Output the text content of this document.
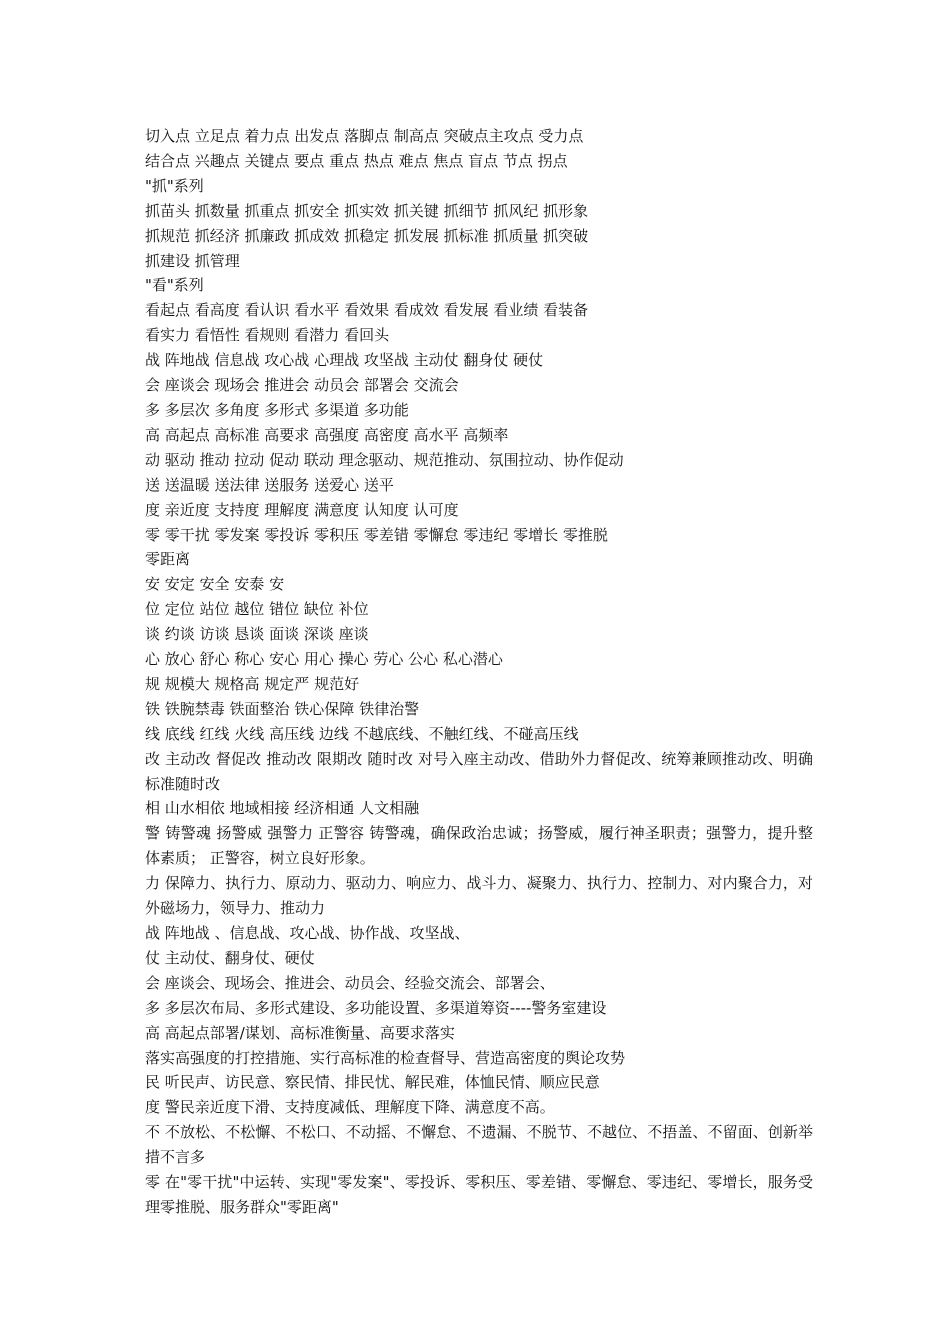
切入点 立足点 着力点 出发点 落脚点 制高点 突破点主攻点 受力点
结合点 兴趣点 关键点 要点 重点 热点 难点 焦点 盲点 节点 拐点
"抓"系列
抓苗头 抓数量 抓重点 抓安全 抓实效 抓关键 抓细节 抓风纪 抓形象
抓规范 抓经济 抓廉政 抓成效 抓稳定 抓发展 抓标准 抓质量 抓突破
抓建设 抓管理
"看"系列
看起点 看高度 看认识 看水平 看效果 看成效 看发展 看业绩 看装备
看实力 看悟性 看规则 看潜力 看回头
战 阵地战 信息战 攻心战 心理战 攻坚战 主动仗 翻身仗 硬仗
会 座谈会 现场会 推进会 动员会 部署会 交流会
多 多层次 多角度 多形式 多渠道 多功能
高 高起点 高标准 高要求 高强度 高密度 高水平 高频率
动 驱动 推动 拉动 促动 联动 理念驱动、规范推动、氛围拉动、协作促动
送 送温暖 送法律 送服务 送爱心 送平
度 亲近度 支持度 理解度 满意度 认知度 认可度
零 零干扰 零发案 零投诉 零积压 零差错 零懈怠 零违纪 零增长 零推脱
零距离
安 安定 安全 安泰 安
位 定位 站位 越位 错位 缺位 补位
谈 约谈 访谈 恳谈 面谈 深谈 座谈
心 放心 舒心 称心 安心 用心 操心 劳心 公心 私心潜心
规 规模大 规格高 规定严 规范好
铁 铁腕禁毒 铁面整治 铁心保障 铁律治警
线 底线 红线 火线 高压线 边线 不越底线、不触红线、不碰高压线
改 主动改 督促改 推动改 限期改 随时改 对号入座主动改、借助外力督促改、统筹兼顾推动改、明确标准随时改
相 山水相依 地域相接 经济相通 人文相融
警 铸警魂 扬警威 强警力 正警容 铸警魂，确保政治忠诚；扬警威，履行神圣职责；强警力，提升整体素质； 正警容，树立良好形象。
力 保障力、执行力、原动力、驱动力、响应力、战斗力、凝聚力、执行力、控制力、对内聚合力，对外磁场力，领导力、推动力
战 阵地战 、信息战、攻心战、协作战、攻坚战、
仗 主动仗、翻身仗、硬仗
会 座谈会、现场会、推进会、动员会、经验交流会、部署会、
多 多层次布局、多形式建设、多功能设置、多渠道筹资----警务室建设
高 高起点部署/谋划、高标准衡量、高要求落实
落实高强度的打控措施、实行高标准的检查督导、营造高密度的舆论攻势
民 听民声、访民意、察民情、排民忧、解民难，体恤民情、顺应民意
度 警民亲近度下滑、支持度减低、理解度下降、满意度不高。
不 不放松、不松懈、不松口、不动摇、不懈怠、不遗漏、不脱节、不越位、不捂盖、不留面、创新举措不言多
零 在"零干扰"中运转、实现"零发案"、零投诉、零积压、零差错、零懈怠、零违纪、零增长，服务受理零推脱、服务群众"零距离"
